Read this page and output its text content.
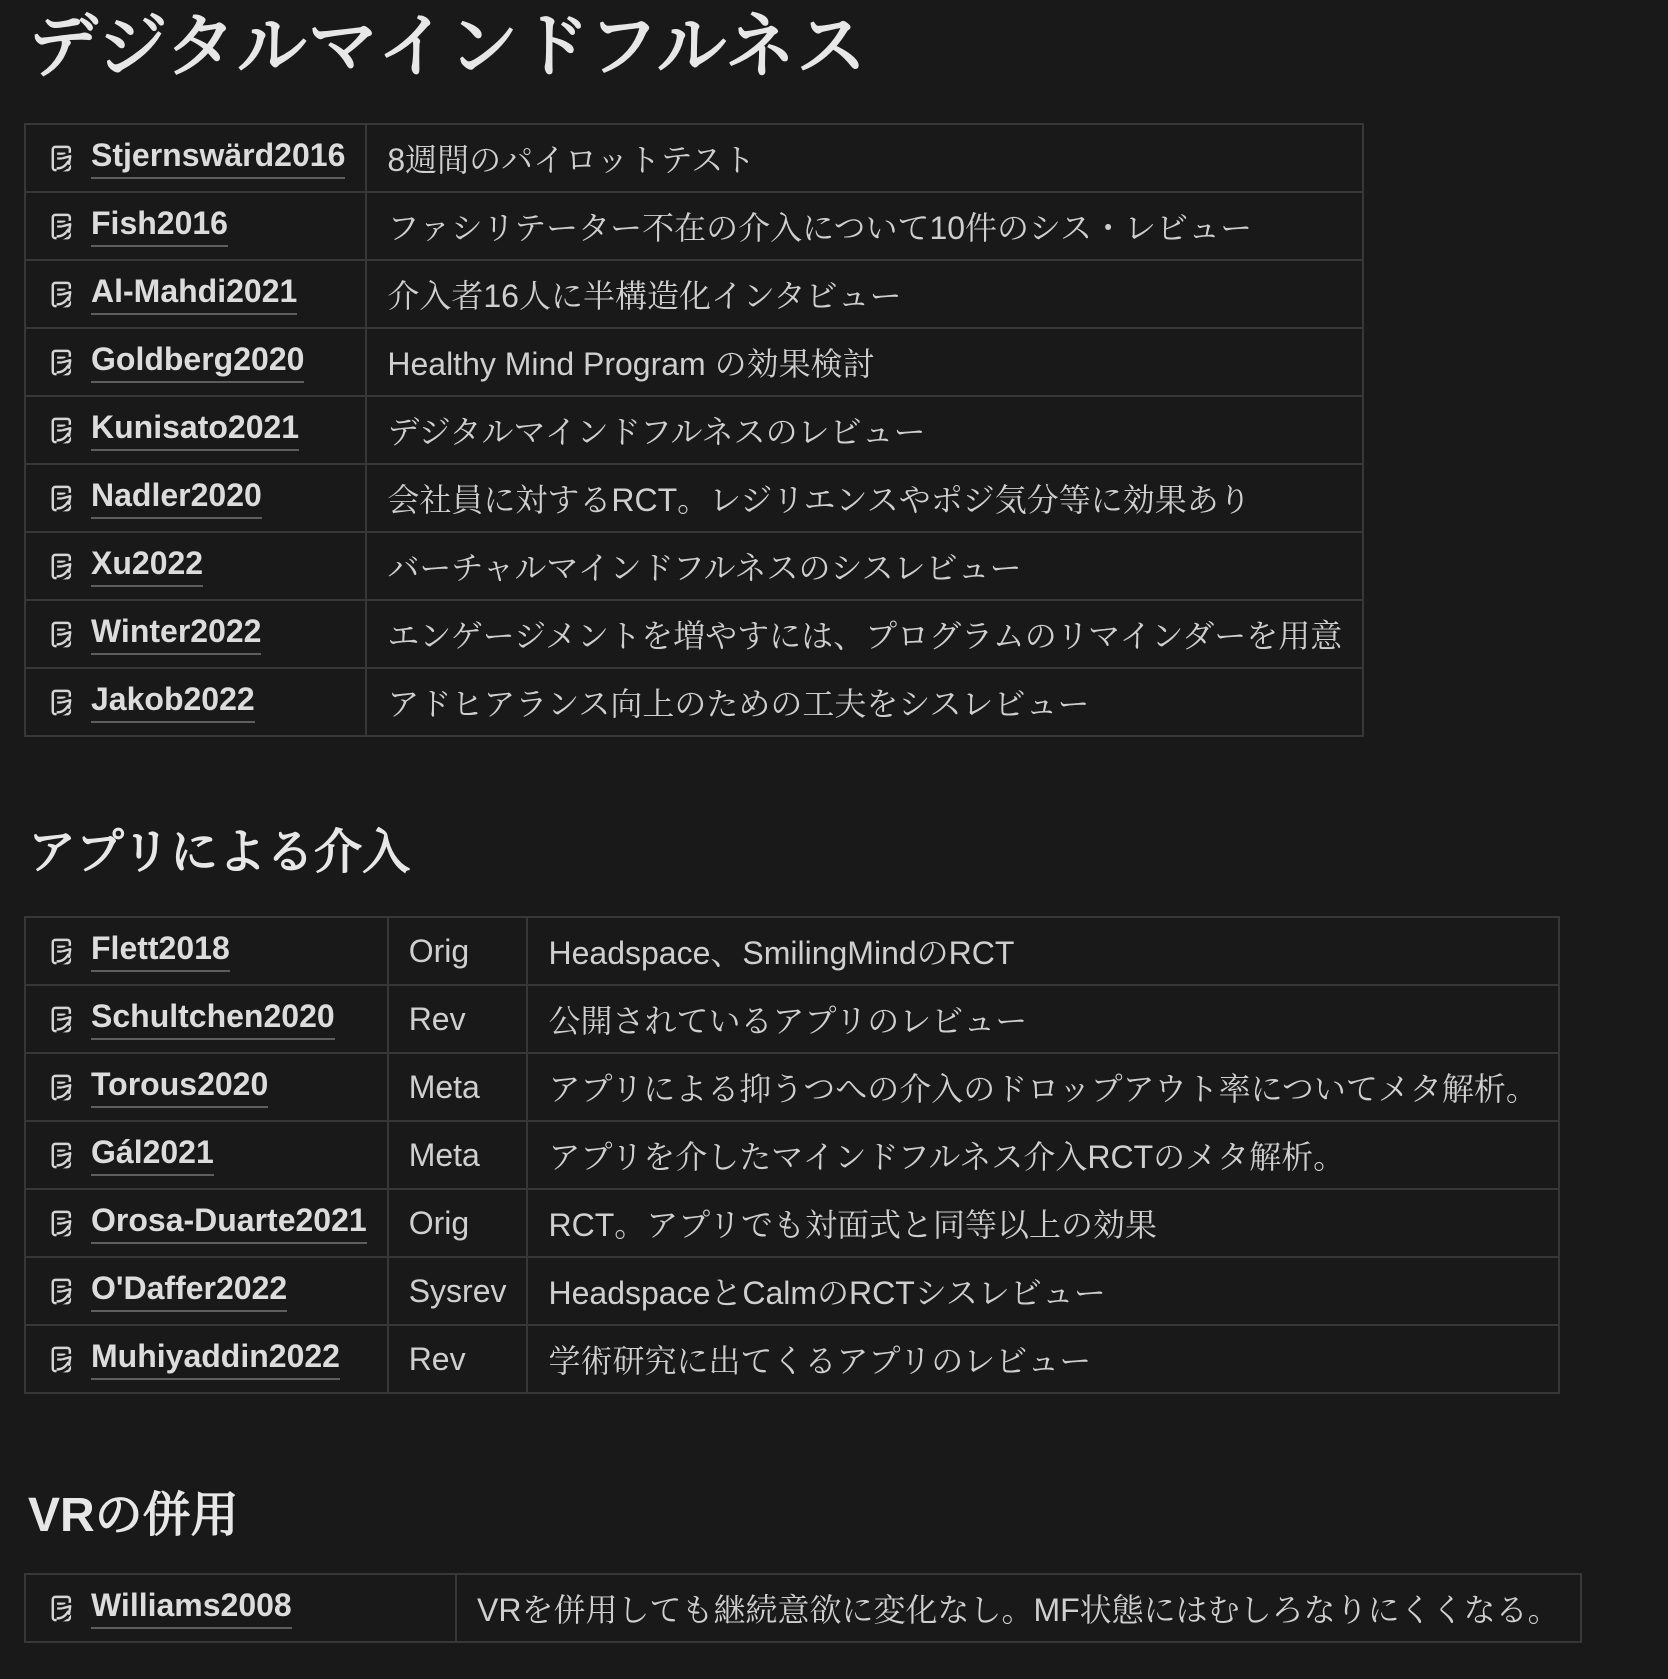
デジタルマインドフルネス
Stjernswärd2016	8週間のパイロットテスト
Fish2016	ファシリテーター不在の介入について10件のシス・レビュー
Al-Mahdi2021	介入者16人に半構造化インタビュー
Goldberg2020	Healthy Mind Program の効果検討
Kunisato2021	デジタルマインドフルネスのレビュー
Nadler2020	会社員に対するRCT。レジリエンスやポジ気分等に効果あり
Xu2022	バーチャルマインドフルネスのシスレビュー
Winter2022	エンゲージメントを増やすには、プログラムのリマインダーを用意
Jakob2022	アドヒアランス向上のための工夫をシスレビュー
アプリによる介入
Flett2018	Orig	Headspace、SmilingMindのRCT
Schultchen2020	Rev	公開されているアプリのレビュー
Torous2020	Meta	アプリによる抑うつへの介入のドロップアウト率についてメタ解析。
Gál2021	Meta	アプリを介したマインドフルネス介入RCTのメタ解析。
Orosa-Duarte2021	Orig	RCT。アプリでも対面式と同等以上の効果
O'Daffer2022	Sysrev	HeadspaceとCalmのRCTシスレビュー
Muhiyaddin2022	Rev	学術研究に出てくるアプリのレビュー
VRの併用
Williams2008	VRを併用しても継続意欲に変化なし。MF状態にはむしろなりにくくなる。
